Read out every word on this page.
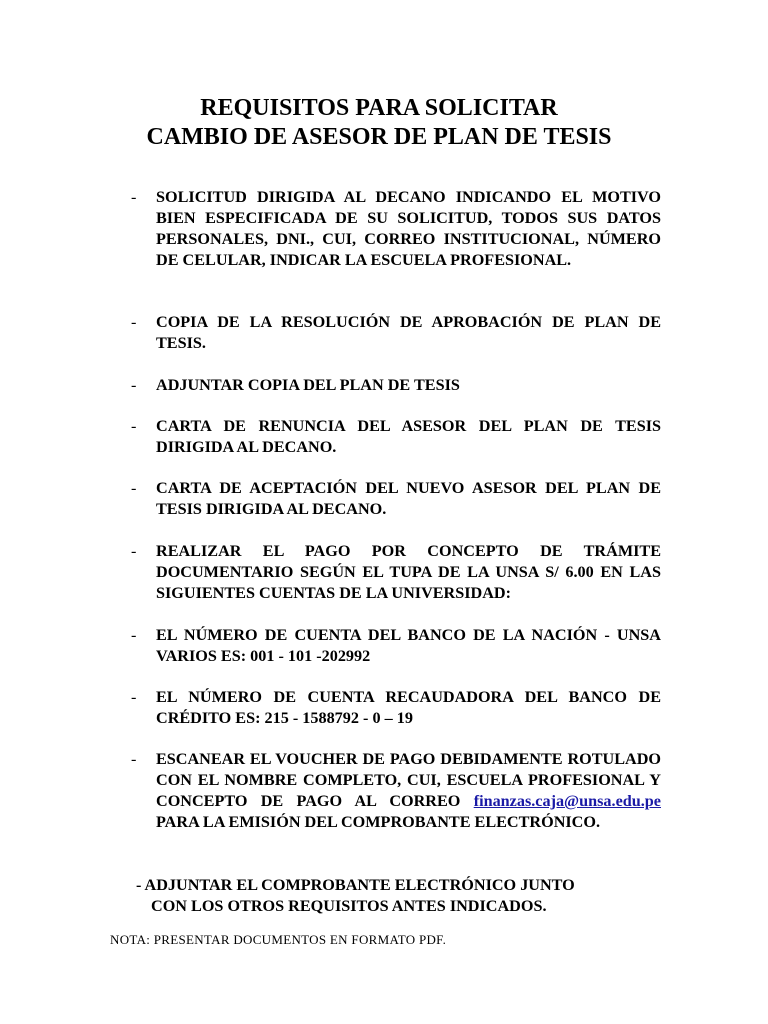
REQUISITOS PARA SOLICITAR
CAMBIO DE ASESOR DE PLAN DE TESIS
- SOLICITUD DIRIGIDA AL DECANO INDICANDO EL MOTIVO BIEN ESPECIFICADA DE SU SOLICITUD, TODOS SUS DATOS PERSONALES, DNI., CUI, CORREO INSTITUCIONAL, NÚMERO DE CELULAR, INDICAR LA ESCUELA PROFESIONAL.
- COPIA DE LA RESOLUCIÓN DE APROBACIÓN DE PLAN DE TESIS.
- ADJUNTAR COPIA DEL PLAN DE TESIS
- CARTA DE RENUNCIA DEL ASESOR DEL PLAN DE TESIS DIRIGIDA AL DECANO.
- CARTA DE ACEPTACIÓN DEL NUEVO ASESOR DEL PLAN DE TESIS DIRIGIDA AL DECANO.
- REALIZAR EL PAGO POR CONCEPTO DE TRÁMITE DOCUMENTARIO SEGÚN EL TUPA DE LA UNSA S/ 6.00 EN LAS SIGUIENTES CUENTAS DE LA UNIVERSIDAD:
- EL NÚMERO DE CUENTA DEL BANCO DE LA NACIÓN - UNSA VARIOS ES: 001 - 101 -202992
- EL NÚMERO DE CUENTA RECAUDADORA DEL BANCO DE CRÉDITO ES: 215 - 1588792 - 0 – 19
- ESCANEAR EL VOUCHER DE PAGO DEBIDAMENTE ROTULADO CON EL NOMBRE COMPLETO, CUI, ESCUELA PROFESIONAL Y CONCEPTO DE PAGO AL CORREO finanzas.caja@unsa.edu.pe PARA LA EMISIÓN DEL COMPROBANTE ELECTRÓNICO.
- ADJUNTAR EL COMPROBANTE ELECTRÓNICO JUNTO
CON LOS OTROS REQUISITOS ANTES INDICADOS.
NOTA: PRESENTAR DOCUMENTOS EN FORMATO PDF.
